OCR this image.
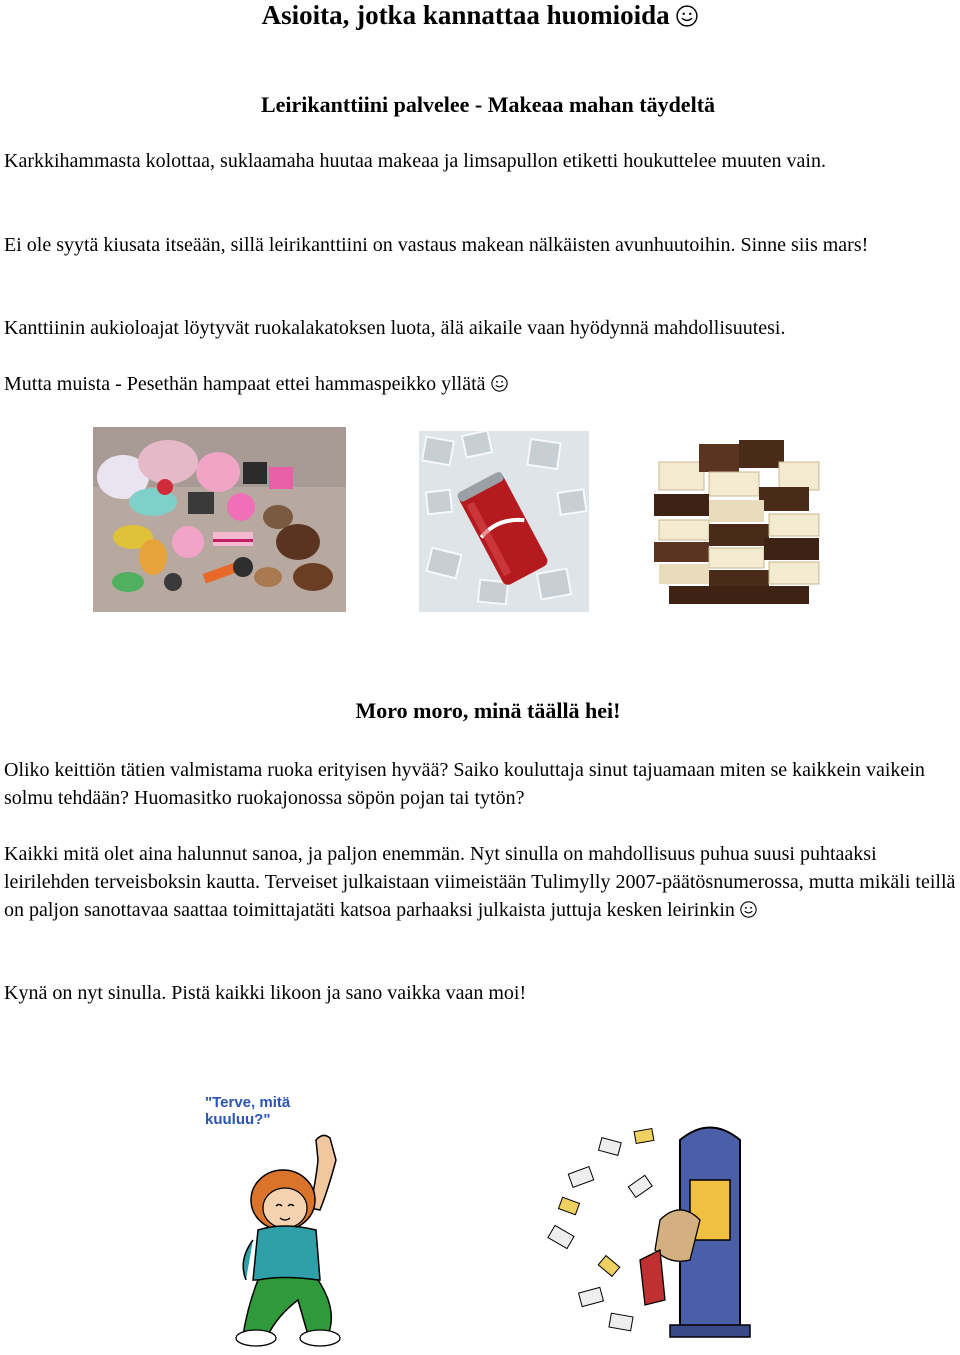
Asioita, jotka kannattaa huomioida
Leirikanttiini palvelee - Makeaa mahan täydeltä

Karkkihammasta kolottaa, suklaamaha huutaa makeaa ja limsapullon etiketti houkuttelee muuten vain.

Ei ole syytä kiusata itseään, sillä leirikanttiini on vastaus makean nälkäisten avunhuutoihin. Sinne siis mars!

Kanttiinin aukioloajat löytyvät ruokalakatoksen luota, älä aikaile vaan hyödynnä mahdollisuutesi.

Mutta muista - Pesethän hampaat ettei hammaspeikko yllätä

Moro moro, minä täällä hei!

Oliko keittiön tätien valmistama ruoka erityisen hyvää? Saiko kouluttaja sinut tajuamaan miten se kaikkein vaikein solmu tehdään? Huomasitko ruokajonossa söpön pojan tai tytön?

Kaikki mitä olet aina halunnut sanoa, ja paljon enemmän. Nyt sinulla on mahdollisuus puhua suusi puhtaaksi leirilehden terveisboksin kautta. Terveiset julkaistaan viimeistään Tulimylly 2007-päätösnumerossa, mutta mikäli teillä on paljon sanottavaa saattaa toimittajatäti katsoa parhaaksi julkaista juttuja kesken leirinkin

Kynä on nyt sinulla. Pistä kaikki likoon ja sano vaikka vaan moi!

"Terve, mitä kuuluu?"
